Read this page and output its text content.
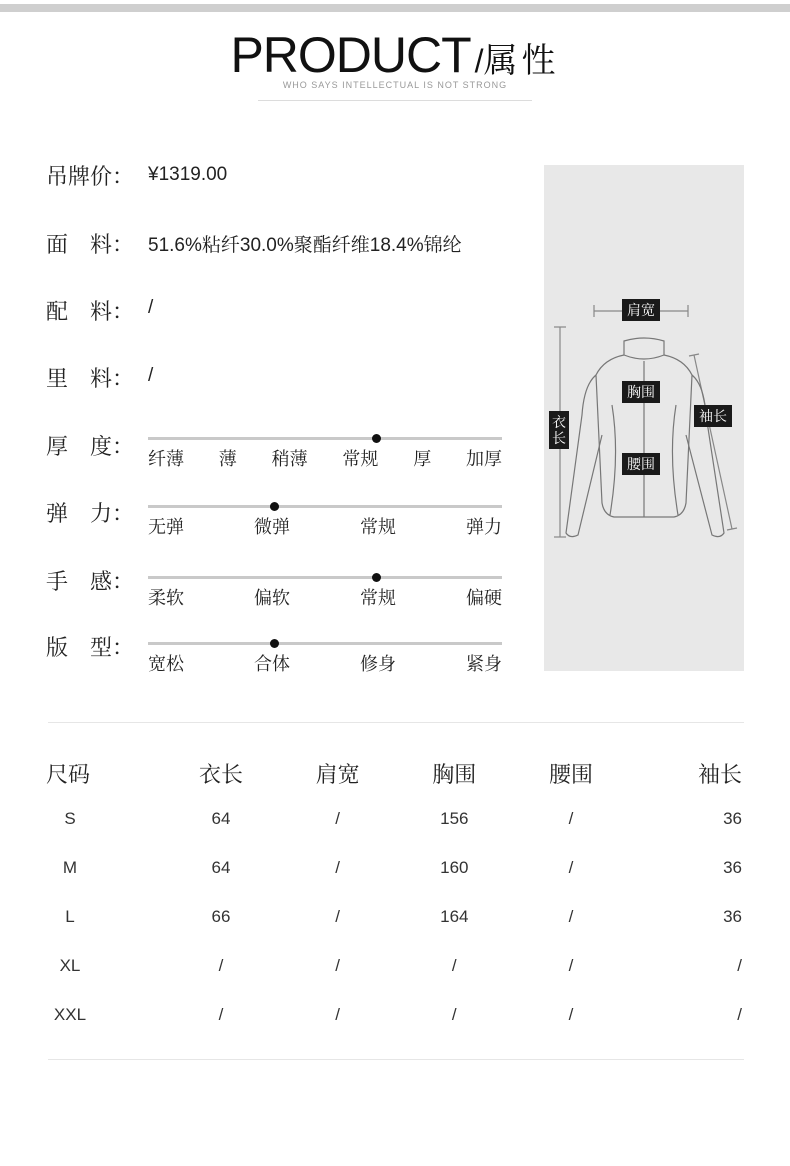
PRODUCT /属性
WHO SAYS INTELLECTUAL IS NOT STRONG
吊牌价： ¥1319.00
面　料： 51.6%粘纤30.0%聚酯纤维18.4%锦纶
配　料： /
里　料： /
厚　度： 纤薄 薄 稍薄 常规 厚 加厚
弹　力：
无弹	微弹	常规	弹力
手　感：
柔软	偏软	常规	偏硬
版　型：
宽松	合体	修身	紧身
肩宽
胸围
衣
长
腰围
袖长
尺码	衣长	肩宽	胸围	腰围	袖长
S	64	/	156	/	36
M	64	/	160	/	36
L	66	/	164	/	36
XL	/	/	/	/	/
XXL	/	/	/	/	/
